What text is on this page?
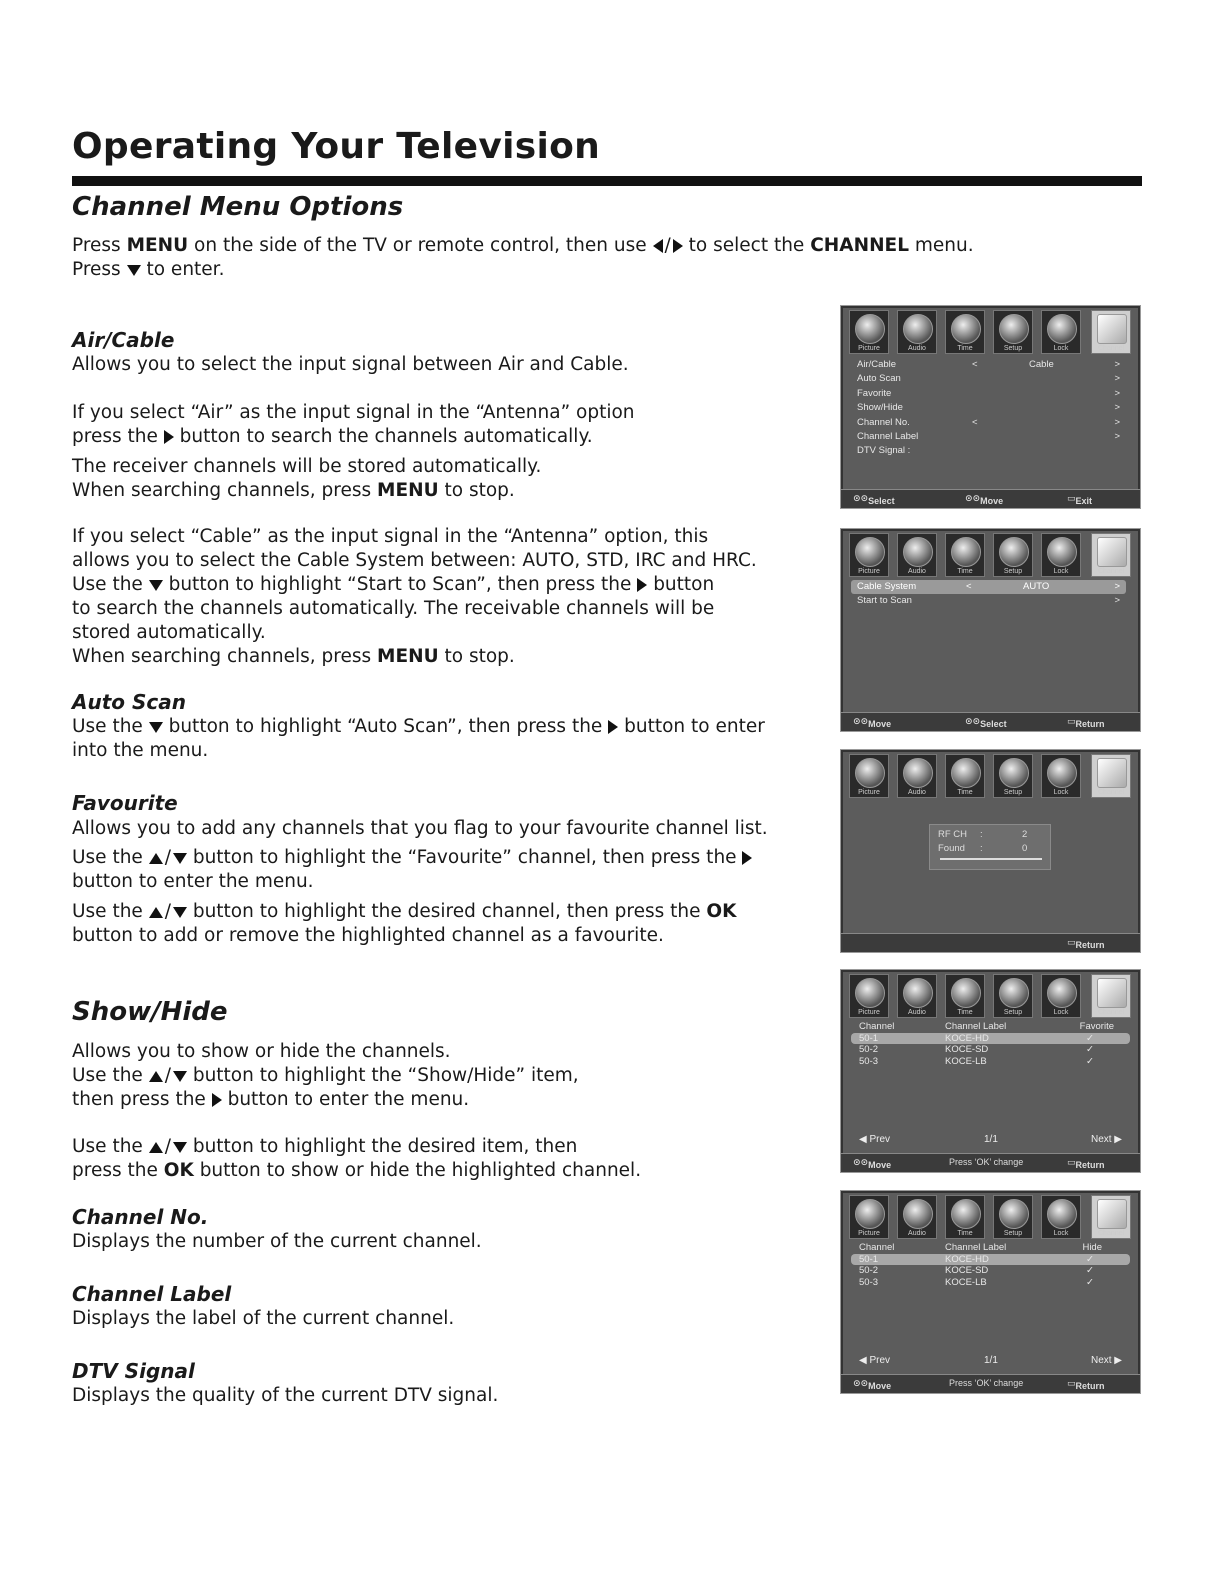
Operating Your Television
Channel Menu Options

Press MENU on the side of the TV or remote control, then use / to select the CHANNEL menu.
Press to enter.

Air/Cable

Allows you to select the input signal between Air and Cable.

If you select “Air” as the input signal in the “Antenna” option
press the button to search the channels automatically.

The receiver channels will be stored automatically.
When searching channels, press MENU to stop.

If you select “Cable” as the input signal in the “Antenna” option, this
allows you to select the Cable System between: AUTO, STD, IRC and HRC.
Use the button to highlight “Start to Scan”, then press the button
to search the channels automatically. The receivable channels will be
stored automatically.
When searching channels, press MENU to stop.

Auto Scan

Use the button to highlight “Auto Scan”, then press the button to enter
into the menu.

Favourite

Allows you to add any channels that you flag to your favourite channel list.

Use the / button to highlight the “Favourite” channel, then press the
button to enter the menu.

Use the / button to highlight the desired channel, then press the OK
button to add or remove the highlighted channel as a favourite.

Show/Hide

Allows you to show or hide the channels.
Use the / button to highlight the “Show/Hide” item,
then press the button to enter the menu.

Use the / button to highlight the desired item, then
press the OK button to show or hide the highlighted channel.

Channel No.

Displays the number of the current channel.

Channel Label

Displays the label of the current channel.

DTV Signal

Displays the quality of the current DTV signal.

Picture	Audio	Time	Setup	Lock	Channel
Air/Cable	<	Cable	>
Auto Scan	>
Favorite	>
Show/Hide	>
Channel No.	<	>
Channel Label	>
DTV Signal :
⊙⊙ Select	⊙⊙ Move	▭ Exit
Picture	Audio	Time	Setup	Lock	Channel
Cable System	<	AUTO	>
Start to Scan	>
⊙⊙ Move	⊙⊙ Select	▭ Return
Picture	Audio	Time	Setup	Lock	Channel
RF CH :	2
Found :	0
▭ Return
Picture	Audio	Time	Setup	Lock	Channel
Channel	Channel Label	Favorite
50-1	KOCE-HD	✓
50-2	KOCE-SD	✓
50-3	KOCE-LB	✓
◀ Prev	1/1	Next ▶
⊙⊙ Move	Press ‘OK’ change	▭ Return
Picture	Audio	Time	Setup	Lock	Channel
Channel	Channel Label	Hide
50-1	KOCE-HD	✓
50-2	KOCE-SD	✓
50-3	KOCE-LB	✓
◀ Prev	1/1	Next ▶
⊙⊙ Move	Press ‘OK’ change	▭ Return
